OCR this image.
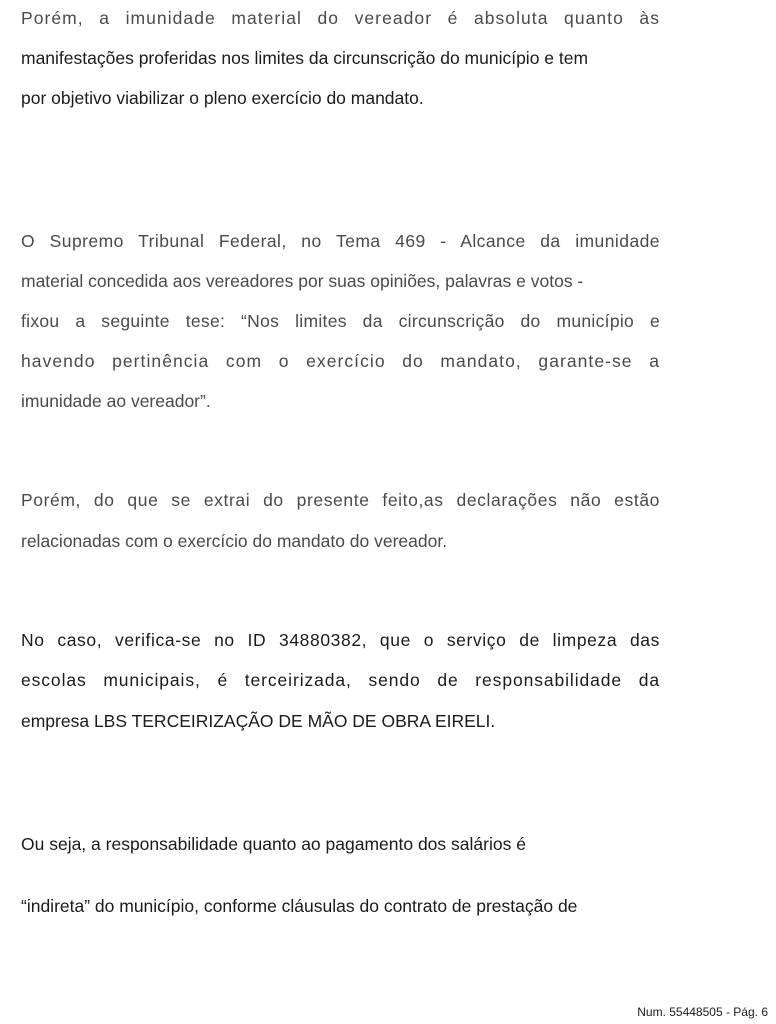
Porém, a imunidade material do vereador é absoluta quanto às

manifestações proferidas nos limites da circunscrição do município e tem

por objetivo viabilizar o pleno exercício do mandato.

O Supremo Tribunal Federal, no Tema 469 - Alcance da imunidade

material concedida aos vereadores por suas opiniões, palavras e votos -

fixou a seguinte tese: “Nos limites da circunscrição do município e

havendo pertinência com o exercício do mandato, garante-se a

imunidade ao vereador”.

Porém, do que se extrai do presente feito,as declarações não estão

relacionadas com o exercício do mandato do vereador.

No caso, verifica-se no ID 34880382, que o serviço de limpeza das

escolas municipais, é terceirizada, sendo de responsabilidade da

empresa LBS TERCEIRIZAÇÃO DE MÃO DE OBRA EIRELI.

Ou seja, a responsabilidade quanto ao pagamento dos salários é

“indireta” do município, conforme cláusulas do contrato de prestação de

Num. 55448505 - Pág. 6
